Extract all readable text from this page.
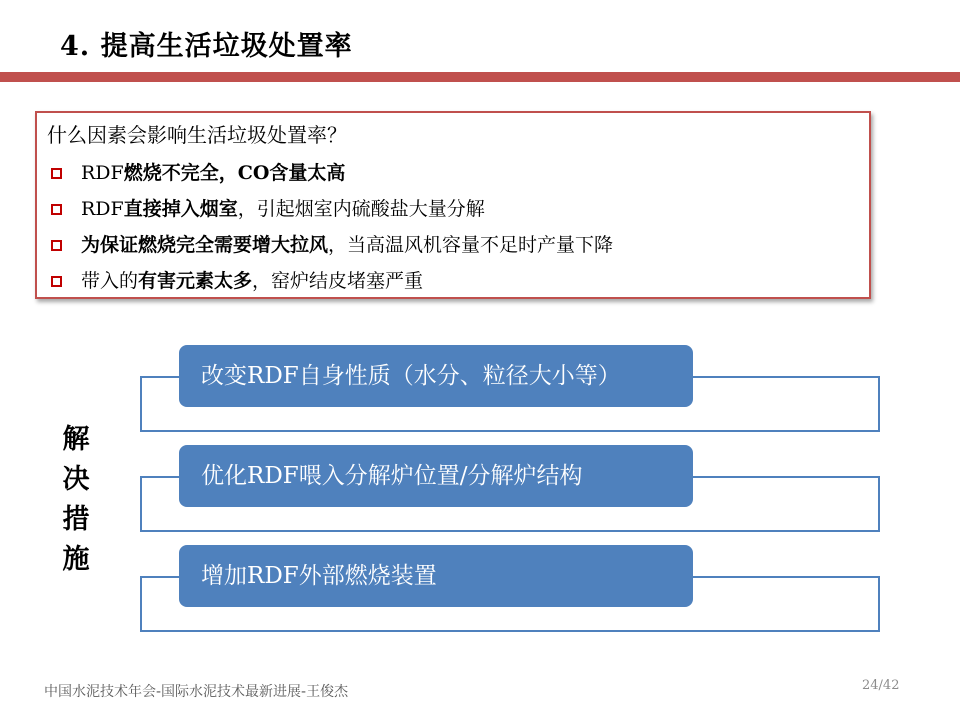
4. 提高生活垃圾处置率
什么因素会影响生活垃圾处置率？
RDF燃烧不完全，CO含量太高
RDF直接掉入烟室，引起烟室内硫酸盐大量分解
为保证燃烧完全需要增大拉风，当高温风机容量不足时产量下降
带入的有害元素太多，窑炉结皮堵塞严重
解
决
措
施
改变RDF自身性质（水分、粒径大小等）
优化RDF喂入分解炉位置/分解炉结构
增加RDF外部燃烧装置
中国水泥技术年会-国际水泥技术最新进展-王俊杰	24/42
